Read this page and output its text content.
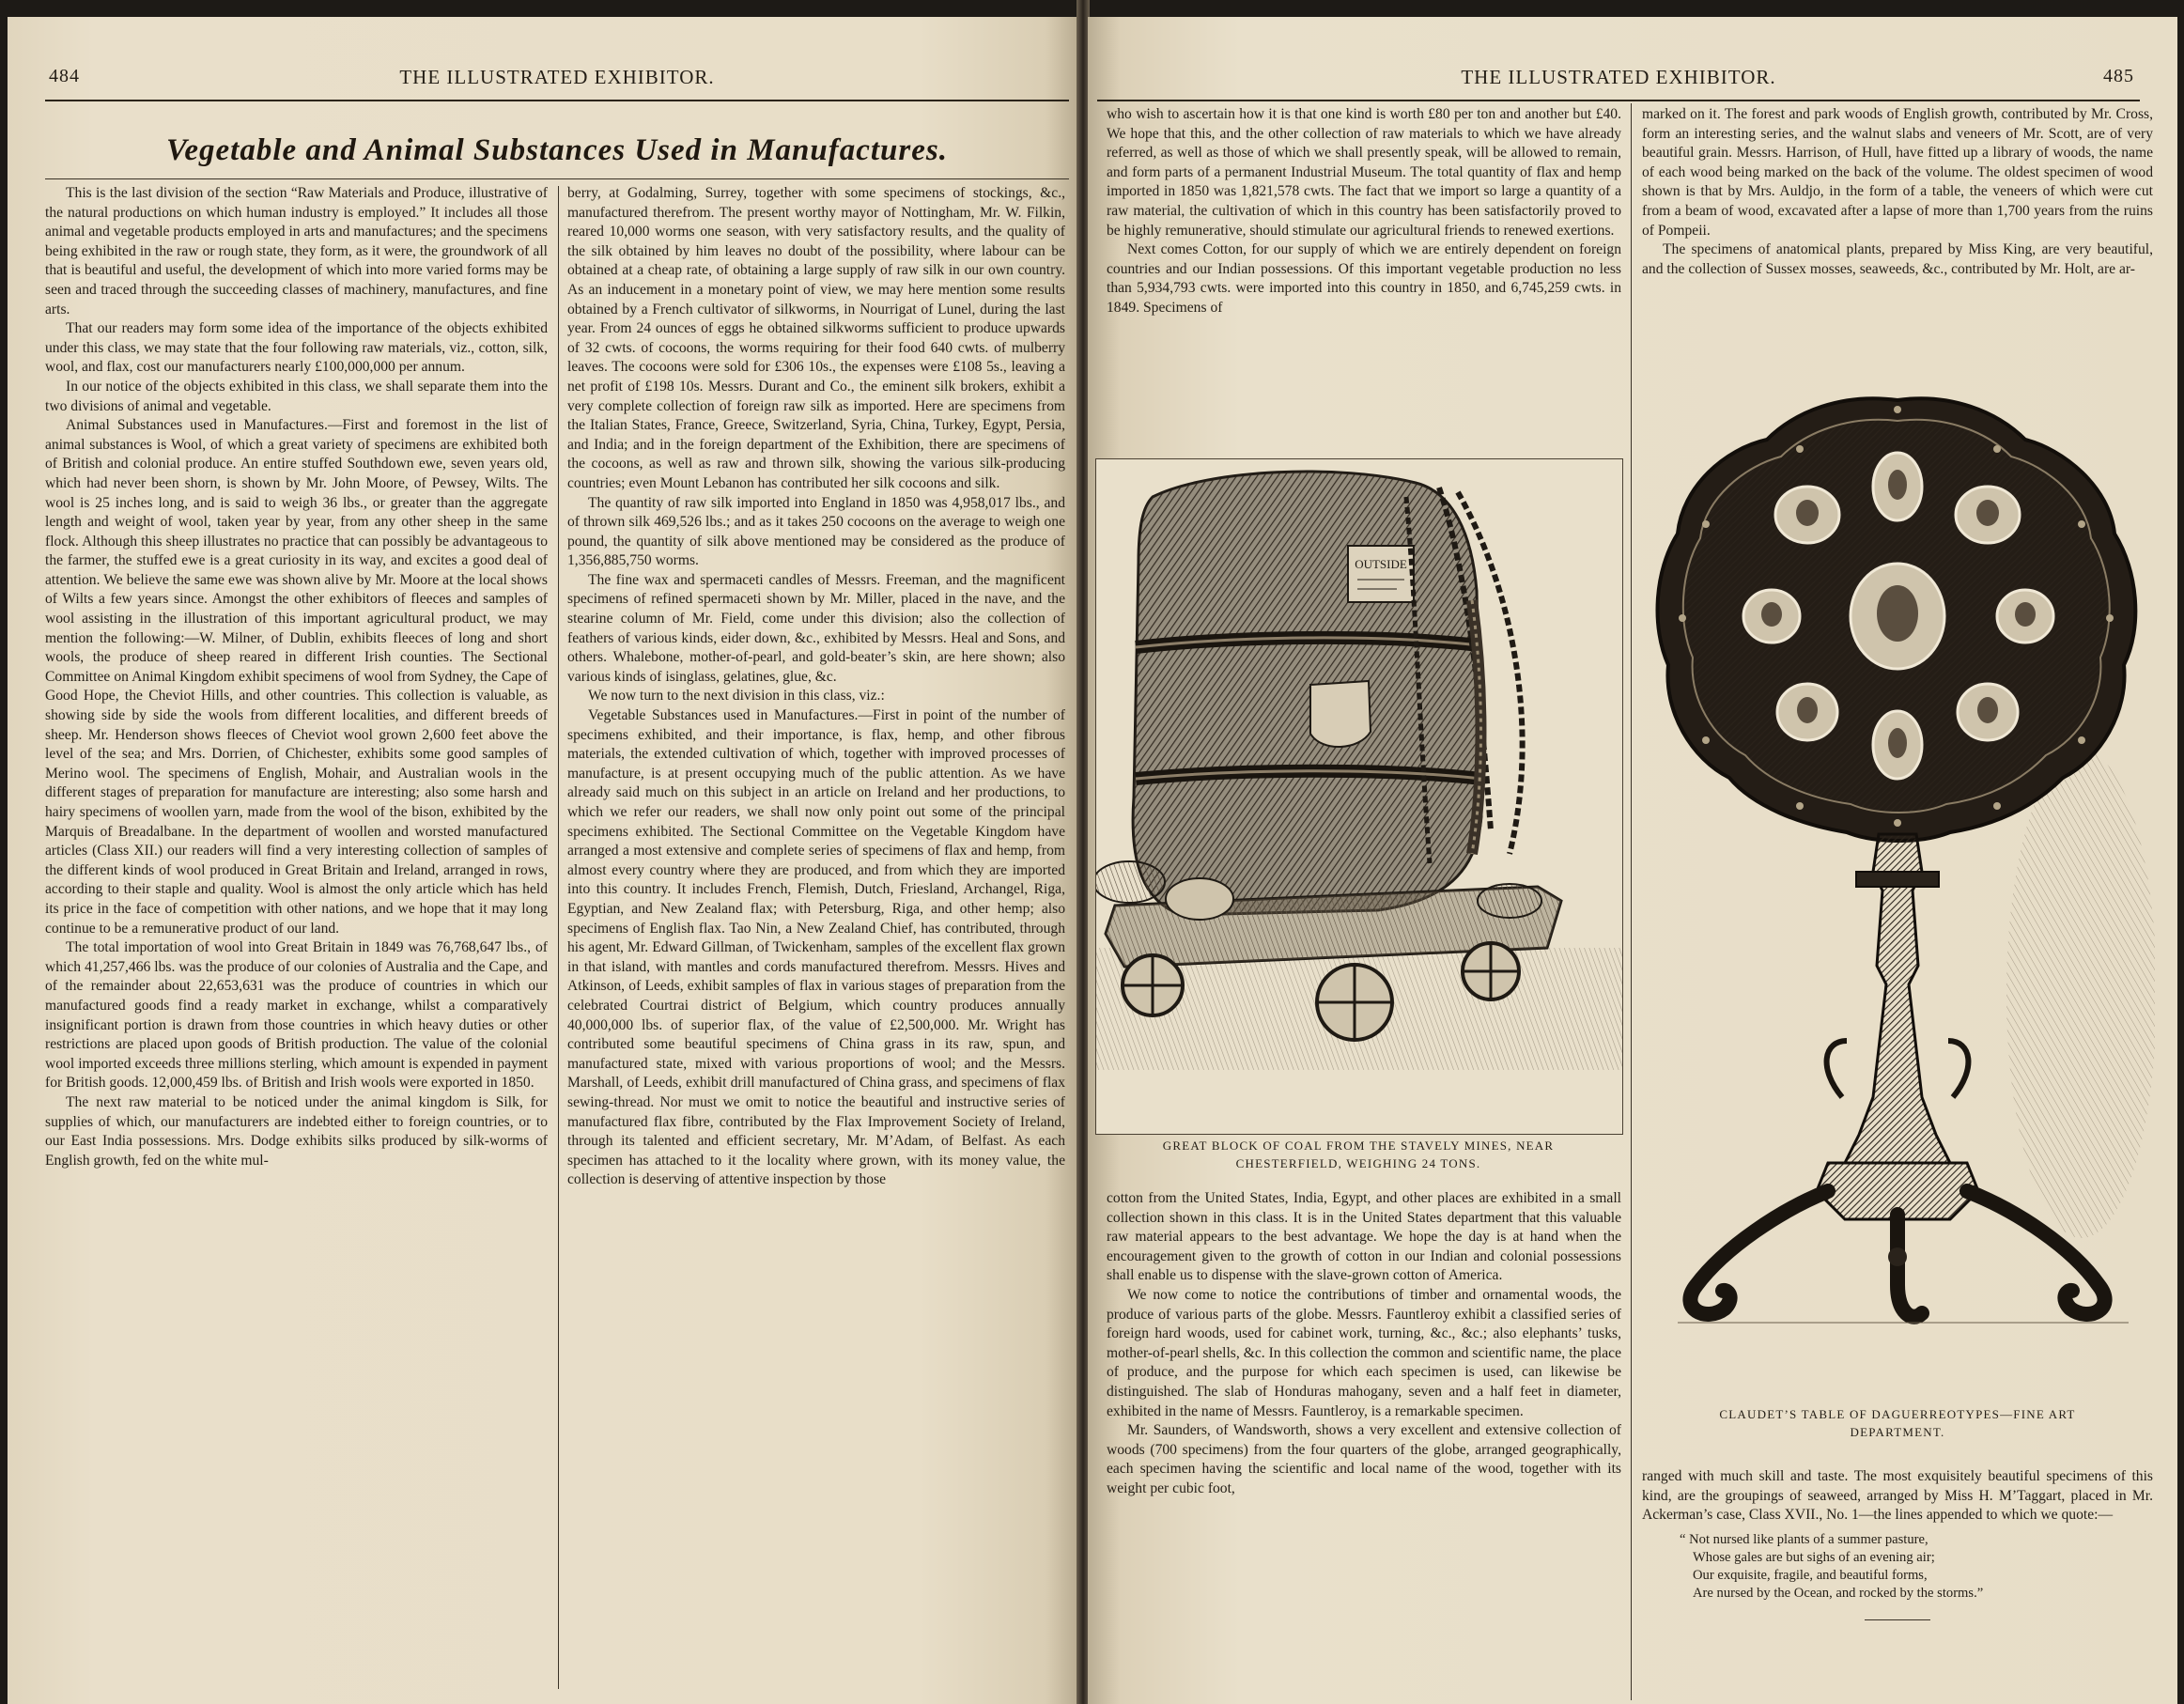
484	THE ILLUSTRATED EXHIBITOR.
Vegetable and Animal Substances Used in Manufactures.

This is the last division of the section “Raw Materials and Produce, illustrative of the natural productions on which human industry is employed.” It includes all those animal and vegetable products employed in arts and manufactures; and the specimens being exhibited in the raw or rough state, they form, as it were, the groundwork of all that is beautiful and useful, the development of which into more varied forms may be seen and traced through the succeeding classes of machinery, manufactures, and fine arts.

That our readers may form some idea of the importance of the objects exhibited under this class, we may state that the four following raw materials, viz., cotton, silk, wool, and flax, cost our manufacturers nearly £100,000,000 per annum.

In our notice of the objects exhibited in this class, we shall separate them into the two divisions of animal and vegetable.

Animal Substances used in Manufactures.—First and foremost in the list of animal substances is Wool, of which a great variety of specimens are exhibited both of British and colonial produce. An entire stuffed Southdown ewe, seven years old, which had never been shorn, is shown by Mr. John Moore, of Pewsey, Wilts. The wool is 25 inches long, and is said to weigh 36 lbs., or greater than the aggregate length and weight of wool, taken year by year, from any other sheep in the same flock. Although this sheep illustrates no practice that can possibly be advantageous to the farmer, the stuffed ewe is a great curiosity in its way, and excites a good deal of attention. We believe the same ewe was shown alive by Mr. Moore at the local shows of Wilts a few years since. Amongst the other exhibitors of fleeces and samples of wool assisting in the illustration of this important agricultural product, we may mention the following:—W. Milner, of Dublin, exhibits fleeces of long and short wools, the produce of sheep reared in different Irish counties. The Sectional Committee on Animal Kingdom exhibit specimens of wool from Sydney, the Cape of Good Hope, the Cheviot Hills, and other countries. This collection is valuable, as showing side by side the wools from different localities, and different breeds of sheep. Mr. Henderson shows fleeces of Cheviot wool grown 2,600 feet above the level of the sea; and Mrs. Dorrien, of Chichester, exhibits some good samples of Merino wool. The specimens of English, Mohair, and Australian wools in the different stages of preparation for manufacture are interesting; also some harsh and hairy specimens of woollen yarn, made from the wool of the bison, exhibited by the Marquis of Breadalbane. In the department of woollen and worsted manufactured articles (Class XII.) our readers will find a very interesting collection of samples of the different kinds of wool produced in Great Britain and Ireland, arranged in rows, according to their staple and quality. Wool is almost the only article which has held its price in the face of competition with other nations, and we hope that it may long continue to be a remunerative product of our land.

The total importation of wool into Great Britain in 1849 was 76,768,647 lbs., of which 41,257,466 lbs. was the produce of our colonies of Australia and the Cape, and of the remainder about 22,653,631 was the produce of countries in which our manufactured goods find a ready market in exchange, whilst a comparatively insignificant portion is drawn from those countries in which heavy duties or other restrictions are placed upon goods of British production. The value of the colonial wool imported exceeds three millions sterling, which amount is expended in payment for British goods. 12,000,459 lbs. of British and Irish wools were exported in 1850.

The next raw material to be noticed under the animal kingdom is Silk, for supplies of which, our manufacturers are indebted either to foreign countries, or to our East India possessions. Mrs. Dodge exhibits silks produced by silk-worms of English growth, fed on the white mul-

berry, at Godalming, Surrey, together with some specimens of stockings, &c., manufactured therefrom. The present worthy mayor of Nottingham, Mr. W. Filkin, reared 10,000 worms one season, with very satisfactory results, and the quality of the silk obtained by him leaves no doubt of the possibility, where labour can be obtained at a cheap rate, of obtaining a large supply of raw silk in our own country. As an inducement in a monetary point of view, we may here mention some results obtained by a French cultivator of silkworms, in Nourrigat of Lunel, during the last year. From 24 ounces of eggs he obtained silkworms sufficient to produce upwards of 32 cwts. of cocoons, the worms requiring for their food 640 cwts. of mulberry leaves. The cocoons were sold for £306 10s., the expenses were £108 5s., leaving a net profit of £198 10s. Messrs. Durant and Co., the eminent silk brokers, exhibit a very complete collection of foreign raw silk as imported. Here are specimens from the Italian States, France, Greece, Switzerland, Syria, China, Turkey, Egypt, Persia, and India; and in the foreign department of the Exhibition, there are specimens of the cocoons, as well as raw and thrown silk, showing the various silk-producing countries; even Mount Lebanon has contributed her silk cocoons and silk.

The quantity of raw silk imported into England in 1850 was 4,958,017 lbs., and of thrown silk 469,526 lbs.; and as it takes 250 cocoons on the average to weigh one pound, the quantity of silk above mentioned may be considered as the produce of 1,356,885,750 worms.

The fine wax and spermaceti candles of Messrs. Freeman, and the magnificent specimens of refined spermaceti shown by Mr. Miller, placed in the nave, and the stearine column of Mr. Field, come under this division; also the collection of feathers of various kinds, eider down, &c., exhibited by Messrs. Heal and Sons, and others. Whalebone, mother-of-pearl, and gold-beater’s skin, are here shown; also various kinds of isinglass, gelatines, glue, &c.

We now turn to the next division in this class, viz.:

Vegetable Substances used in Manufactures.—First in point of the number of specimens exhibited, and their importance, is flax, hemp, and other fibrous materials, the extended cultivation of which, together with improved processes of manufacture, is at present occupying much of the public attention. As we have already said much on this subject in an article on Ireland and her productions, to which we refer our readers, we shall now only point out some of the principal specimens exhibited. The Sectional Committee on the Vegetable Kingdom have arranged a most extensive and complete series of specimens of flax and hemp, from almost every country where they are produced, and from which they are imported into this country. It includes French, Flemish, Dutch, Friesland, Archangel, Riga, Egyptian, and New Zealand flax; with Petersburg, Riga, and other hemp; also specimens of English flax. Tao Nin, a New Zealand Chief, has contributed, through his agent, Mr. Edward Gillman, of Twickenham, samples of the excellent flax grown in that island, with mantles and cords manufactured therefrom. Messrs. Hives and Atkinson, of Leeds, exhibit samples of flax in various stages of preparation from the celebrated Courtrai district of Belgium, which country produces annually 40,000,000 lbs. of superior flax, of the value of £2,500,000. Mr. Wright has contributed some beautiful specimens of China grass in its raw, spun, and manufactured state, mixed with various proportions of wool; and the Messrs. Marshall, of Leeds, exhibit drill manufactured of China grass, and specimens of flax sewing-thread. Nor must we omit to notice the beautiful and instructive series of manufactured flax fibre, contributed by the Flax Improvement Society of Ireland, through its talented and efficient secretary, Mr. M’Adam, of Belfast. As each specimen has attached to it the locality where grown, with its money value, the collection is deserving of attentive inspection by those

THE ILLUSTRATED EXHIBITOR.	485

who wish to ascertain how it is that one kind is worth £80 per ton and another but £40. We hope that this, and the other collection of raw materials to which we have already referred, as well as those of which we shall presently speak, will be allowed to remain, and form parts of a permanent Industrial Museum. The total quantity of flax and hemp imported in 1850 was 1,821,578 cwts. The fact that we import so large a quantity of a raw material, the cultivation of which in this country has been satisfactorily proved to be highly remunerative, should stimulate our agricultural friends to renewed exertions.

Next comes Cotton, for our supply of which we are entirely dependent on foreign countries and our Indian possessions. Of this important vegetable production no less than 5,934,793 cwts. were imported into this country in 1850, and 6,745,259 cwts. in 1849. Specimens of

OUTSIDE
GREAT BLOCK OF COAL FROM THE STAVELY MINES, NEAR
CHESTERFIELD, WEIGHING 24 TONS.

cotton from the United States, India, Egypt, and other places are exhibited in a small collection shown in this class. It is in the United States department that this valuable raw material appears to the best advantage. We hope the day is at hand when the encouragement given to the growth of cotton in our Indian and colonial possessions shall enable us to dispense with the slave-grown cotton of America.

We now come to notice the contributions of timber and ornamental woods, the produce of various parts of the globe. Messrs. Fauntleroy exhibit a classified series of foreign hard woods, used for cabinet work, turning, &c., &c.; also elephants’ tusks, mother-of-pearl shells, &c. In this collection the common and scientific name, the place of produce, and the purpose for which each specimen is used, can likewise be distinguished. The slab of Honduras mahogany, seven and a half feet in diameter, exhibited in the name of Messrs. Fauntleroy, is a remarkable specimen.

Mr. Saunders, of Wandsworth, shows a very excellent and extensive collection of woods (700 specimens) from the four quarters of the globe, arranged geographically, each specimen having the scientific and local name of the wood, together with its weight per cubic foot,

marked on it. The forest and park woods of English growth, contributed by Mr. Cross, form an interesting series, and the walnut slabs and veneers of Mr. Scott, are of very beautiful grain. Messrs. Harrison, of Hull, have fitted up a library of woods, the name of each wood being marked on the back of the volume. The oldest specimen of wood shown is that by Mrs. Auldjo, in the form of a table, the veneers of which were cut from a beam of wood, excavated after a lapse of more than 1,700 years from the ruins of Pompeii.

The specimens of anatomical plants, prepared by Miss King, are very beautiful, and the collection of Sussex mosses, seaweeds, &c., contributed by Mr. Holt, are ar-

CLAUDET’S TABLE OF DAGUERREOTYPES—FINE ART
DEPARTMENT.

ranged with much skill and taste. The most exquisitely beautiful specimens of this kind, are the groupings of seaweed, arranged by Miss H. M’Taggart, placed in Mr. Ackerman’s case, Class XVII., No. 1—the lines appended to which we quote:—

“ Not nursed like plants of a summer pasture,
Whose gales are but sighs of an evening air;
Our exquisite, fragile, and beautiful forms,
Are nursed by the Ocean, and rocked by the storms.”
